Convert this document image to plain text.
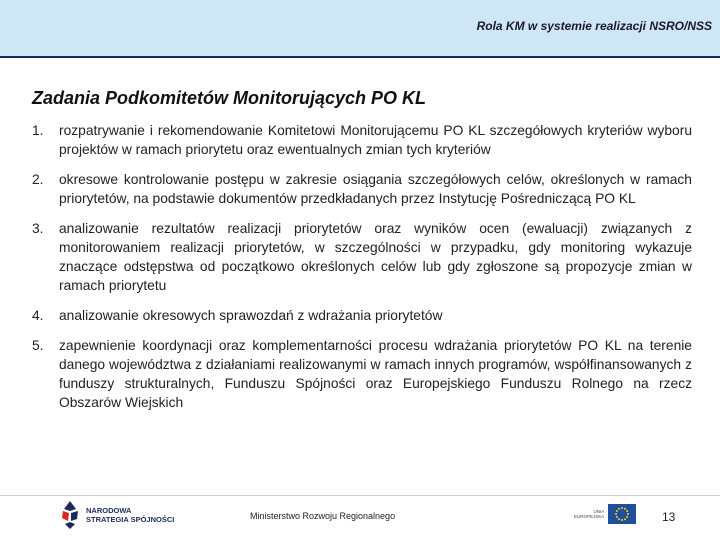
Rola KM w systemie realizacji NSRO/NSS
Zadania Podkomitetów Monitorujących PO KL
1.	rozpatrywanie i rekomendowanie Komitetowi Monitorującemu PO KL szczegółowych kryteriów wyboru projektów w ramach priorytetu oraz ewentualnych zmian tych kryteriów
2.	okresowe kontrolowanie postępu w zakresie osiągania szczegółowych celów, określonych w ramach priorytetów, na podstawie dokumentów przedkładanych przez Instytucję Pośredniczącą PO KL
3.	analizowanie rezultatów realizacji priorytetów oraz wyników ocen (ewaluacji) związanych z monitorowaniem realizacji priorytetów, w szczególności w przypadku, gdy monitoring wykazuje znaczące odstępstwa od początkowo określonych celów lub gdy zgłoszone są propozycje zmian w ramach priorytetu
4.	analizowanie okresowych sprawozdań z wdrażania priorytetów
5.	zapewnienie koordynacji oraz komplementarności procesu wdrażania priorytetów PO KL na terenie danego województwa z działaniami realizowanymi w ramach innych programów, współfinansowanych z funduszy strukturalnych, Funduszu Spójności oraz Europejskiego Funduszu Rolnego na rzecz Obszarów Wiejskich
NARODOWA
STRATEGIA SPÓJNOŚCI	Ministerstwo Rozwoju Regionalnego	UNIA
EUROPEJSKA	13
